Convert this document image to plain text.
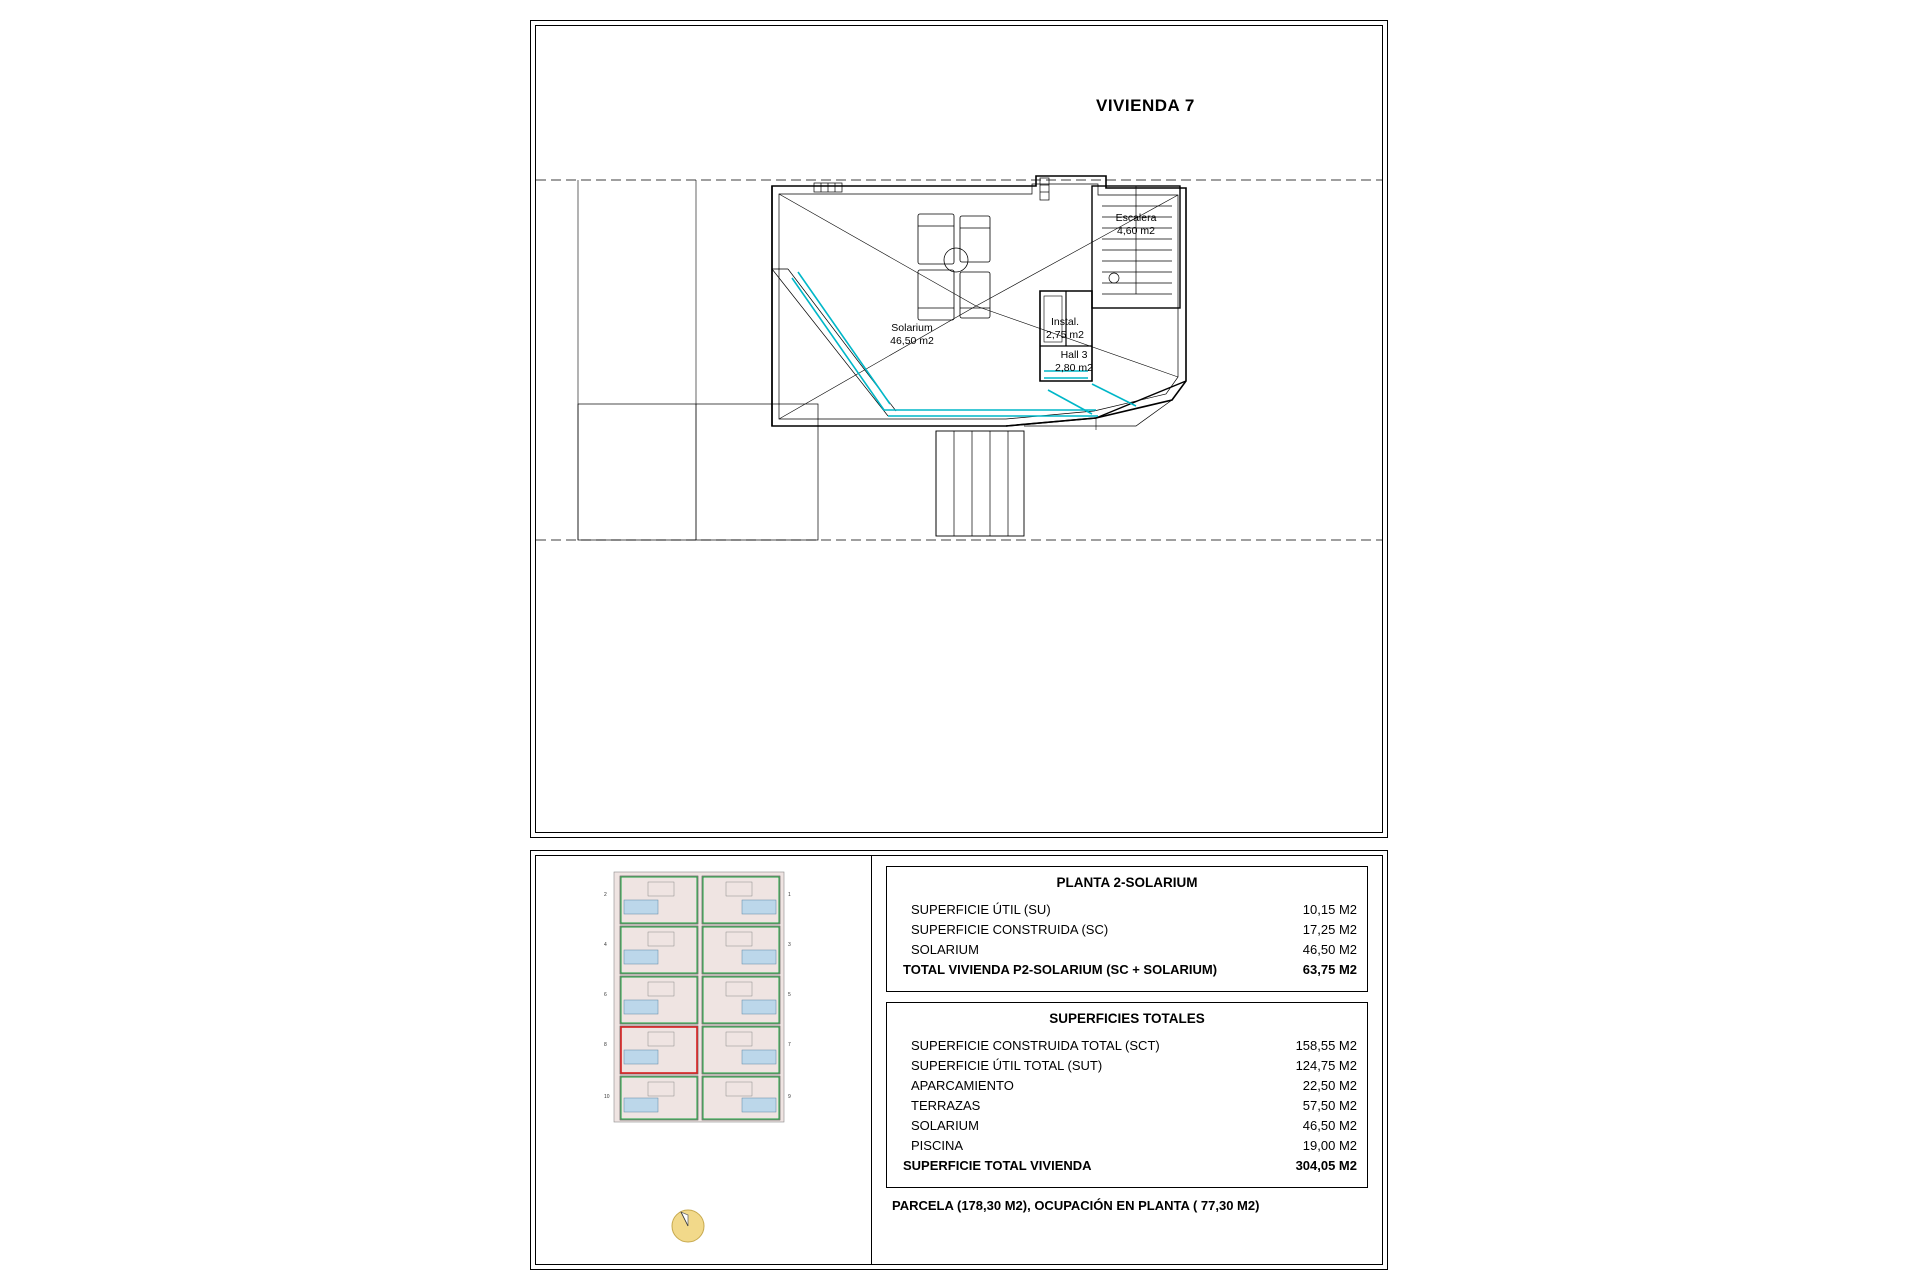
VIVIENDA 7
Solarium
46,50 m2
Escalera
4,60 m2
Instal.
2,75 m2
Hall 3
2,80 m2
1
3
5
7
9
2
4
6
8
10
PLANTA 2-SOLARIUM
SUPERFICIE ÚTIL (SU)	10,15 M2
SUPERFICIE CONSTRUIDA (SC)	17,25 M2
SOLARIUM	46,50 M2
TOTAL VIVIENDA P2-SOLARIUM (SC + SOLARIUM)	63,75 M2
SUPERFICIES TOTALES
SUPERFICIE CONSTRUIDA TOTAL (SCT)	158,55 M2
SUPERFICIE ÚTIL TOTAL (SUT)	124,75 M2
APARCAMIENTO	22,50 M2
TERRAZAS	57,50 M2
SOLARIUM	46,50 M2
PISCINA	19,00 M2
SUPERFICIE TOTAL VIVIENDA	304,05 M2
PARCELA (178,30 M2), OCUPACIÓN EN PLANTA ( 77,30 M2)
